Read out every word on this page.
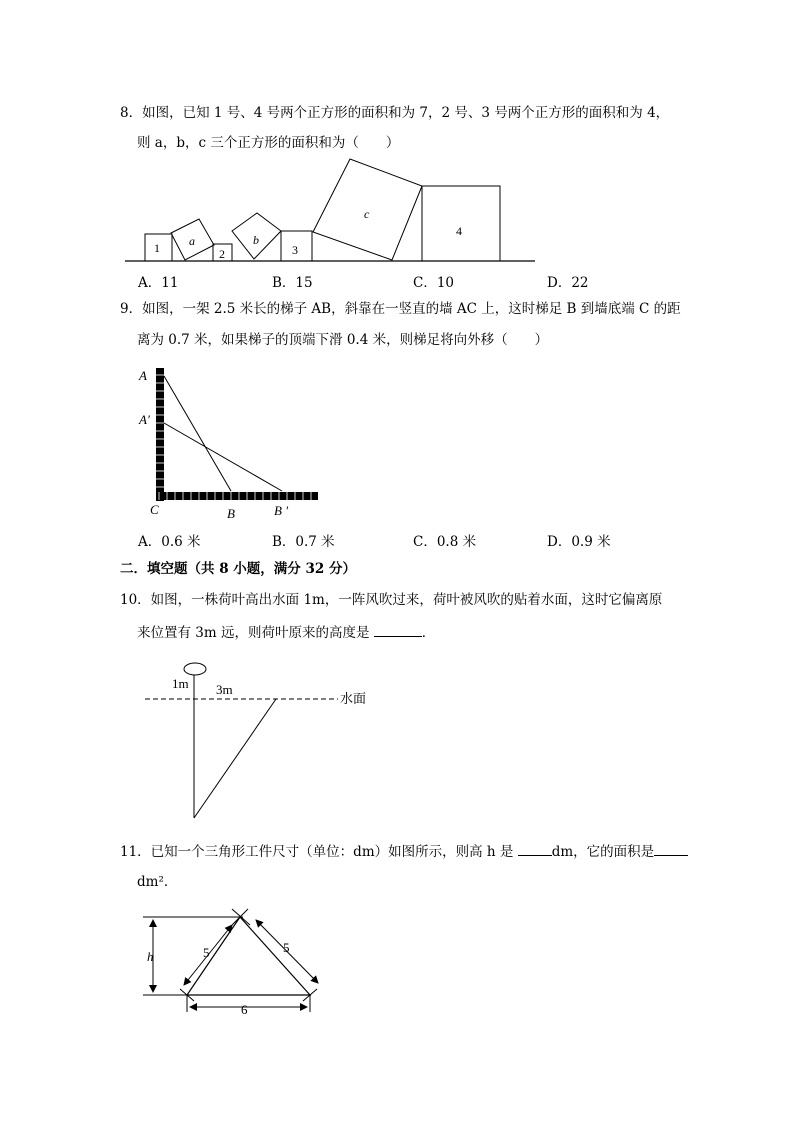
8．如图，已知 1 号、4 号两个正方形的面积和为 7，2 号、3 号两个正方形的面积和为 4，
则 a，b，c 三个正方形的面积和为（　　）
1 a
2
b
3
c
4
A．11	B．15	C．10	D．22
9．如图，一架 2.5 米长的梯子 AB，斜靠在一竖直的墙 AC 上，这时梯足 B 到墙底端 C 的距
离为 0.7 米，如果梯子的顶端下滑 0.4 米，则梯足将向外移（　　）
A
A'
C	B	B '
A．0.6 米	B．0.7 米	C．0.8 米	D．0.9 米
二．填空题（共 8 小题，满分 32 分）
10．如图，一株荷叶高出水面 1m，一阵风吹过来，荷叶被风吹的贴着水面，这时它偏离原
来位置有 3m 远，则荷叶原来的高度是	．
1m 3m
水面
11．已知一个三角形工件尺寸（单位：dm）如图所示，则高 h 是	dm，它的面积是
dm²．
h	5	5
6
